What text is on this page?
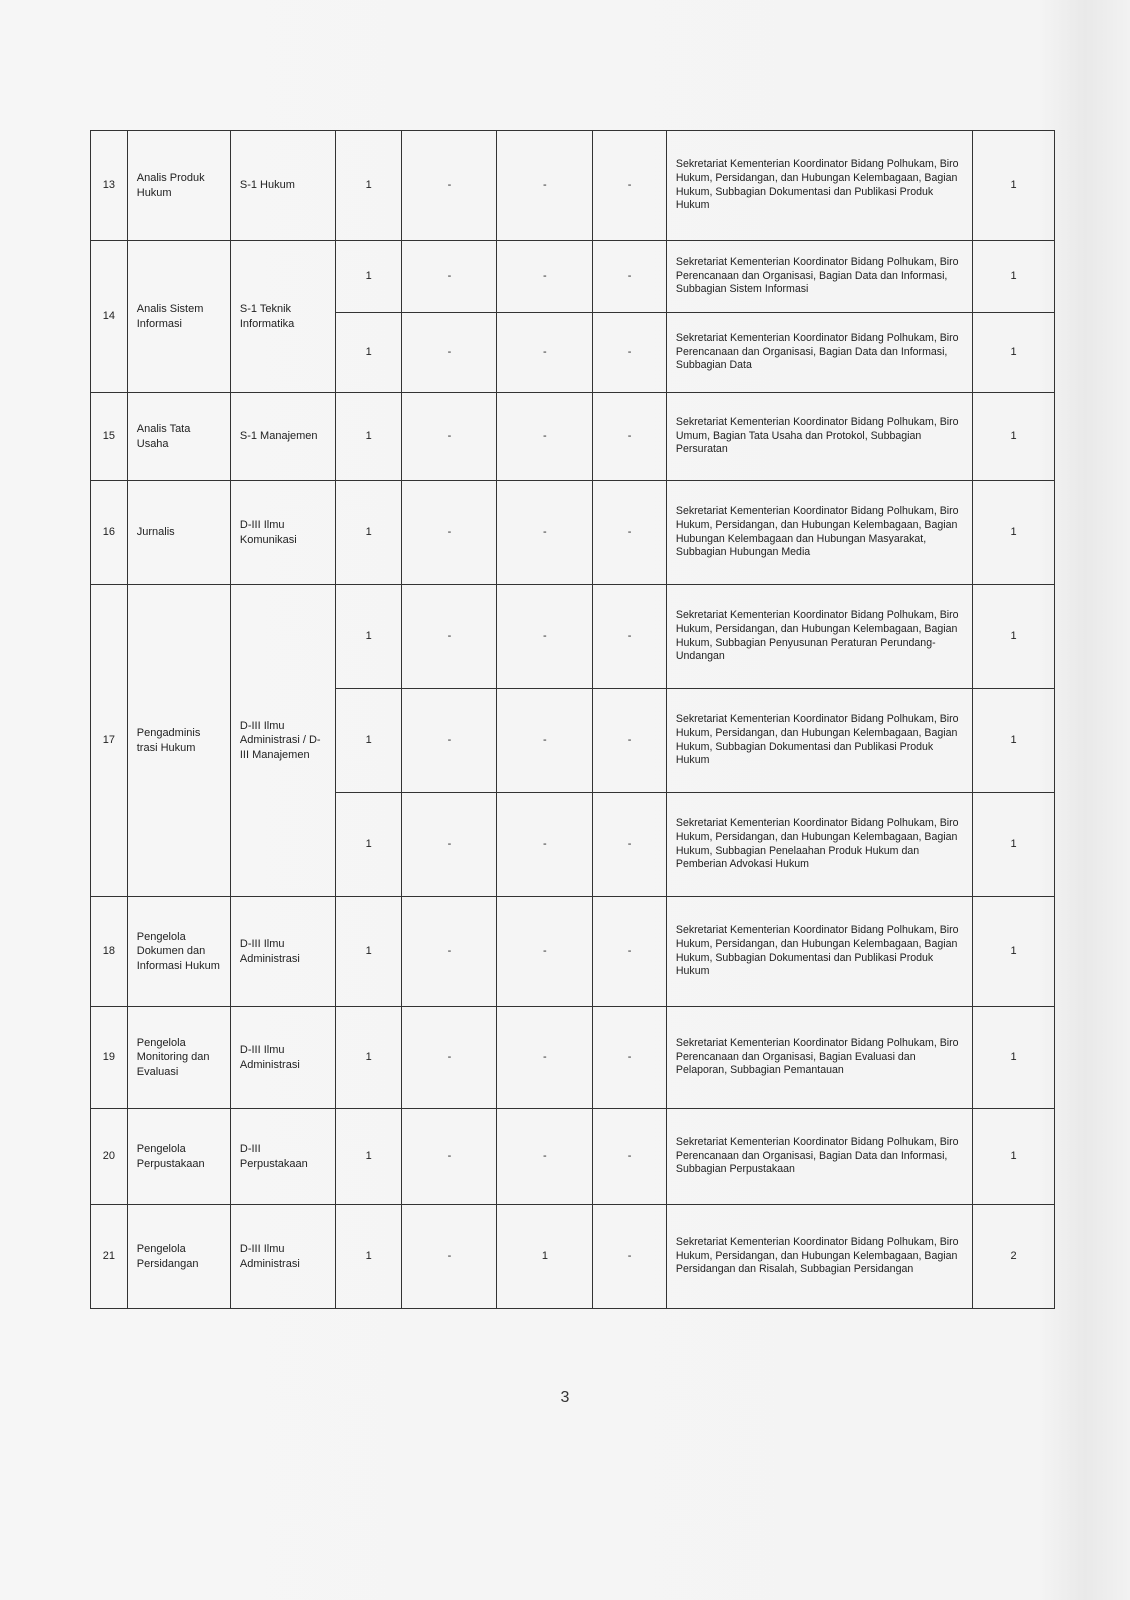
13	Analis Produk Hukum	S-1 Hukum	1	-	-	-	Sekretariat Kementerian Koordinator Bidang Polhukam, Biro Hukum, Persidangan, dan Hubungan Kelembagaan, Bagian Hukum, Subbagian Dokumentasi dan Publikasi Produk Hukum	1
14	Analis Sistem Informasi	S-1 Teknik Informatika	1	-	-	-	Sekretariat Kementerian Koordinator Bidang Polhukam, Biro Perencanaan dan Organisasi, Bagian Data dan Informasi, Subbagian Sistem Informasi	1
			1	-	-	-	Sekretariat Kementerian Koordinator Bidang Polhukam, Biro Perencanaan dan Organisasi, Bagian Data dan Informasi, Subbagian Data	1
15	Analis Tata Usaha	S-1 Manajemen	1	-	-	-	Sekretariat Kementerian Koordinator Bidang Polhukam, Biro Umum, Bagian Tata Usaha dan Protokol, Subbagian Persuratan	1
16	Jurnalis	D-III Ilmu Komunikasi	1	-	-	-	Sekretariat Kementerian Koordinator Bidang Polhukam, Biro Hukum, Persidangan, dan Hubungan Kelembagaan, Bagian Hubungan Kelembagaan dan Hubungan Masyarakat, Subbagian Hubungan Media	1
17	Pengadminis trasi Hukum	D-III Ilmu Administrasi / D-III Manajemen	1	-	-	-	Sekretariat Kementerian Koordinator Bidang Polhukam, Biro Hukum, Persidangan, dan Hubungan Kelembagaan, Bagian Hukum, Subbagian Penyusunan Peraturan Perundang-Undangan	1
			1	-	-	-	Sekretariat Kementerian Koordinator Bidang Polhukam, Biro Hukum, Persidangan, dan Hubungan Kelembagaan, Bagian Hukum, Subbagian Dokumentasi dan Publikasi Produk Hukum	1
			1	-	-	-	Sekretariat Kementerian Koordinator Bidang Polhukam, Biro Hukum, Persidangan, dan Hubungan Kelembagaan, Bagian Hukum, Subbagian Penelaahan Produk Hukum dan Pemberian Advokasi Hukum	1
18	Pengelola Dokumen dan Informasi Hukum	D-III Ilmu Administrasi	1	-	-	-	Sekretariat Kementerian Koordinator Bidang Polhukam, Biro Hukum, Persidangan, dan Hubungan Kelembagaan, Bagian Hukum, Subbagian Dokumentasi dan Publikasi Produk Hukum	1
19	Pengelola Monitoring dan Evaluasi	D-III Ilmu Administrasi	1	-	-	-	Sekretariat Kementerian Koordinator Bidang Polhukam, Biro Perencanaan dan Organisasi, Bagian Evaluasi dan Pelaporan, Subbagian Pemantauan	1
20	Pengelola Perpustakaan	D-III Perpustakaan	1	-	-	-	Sekretariat Kementerian Koordinator Bidang Polhukam, Biro Perencanaan dan Organisasi, Bagian Data dan Informasi, Subbagian Perpustakaan	1
21	Pengelola Persidangan	D-III Ilmu Administrasi	1	-	1	-	Sekretariat Kementerian Koordinator Bidang Polhukam, Biro Hukum, Persidangan, dan Hubungan Kelembagaan, Bagian Persidangan dan Risalah, Subbagian Persidangan	2
3
